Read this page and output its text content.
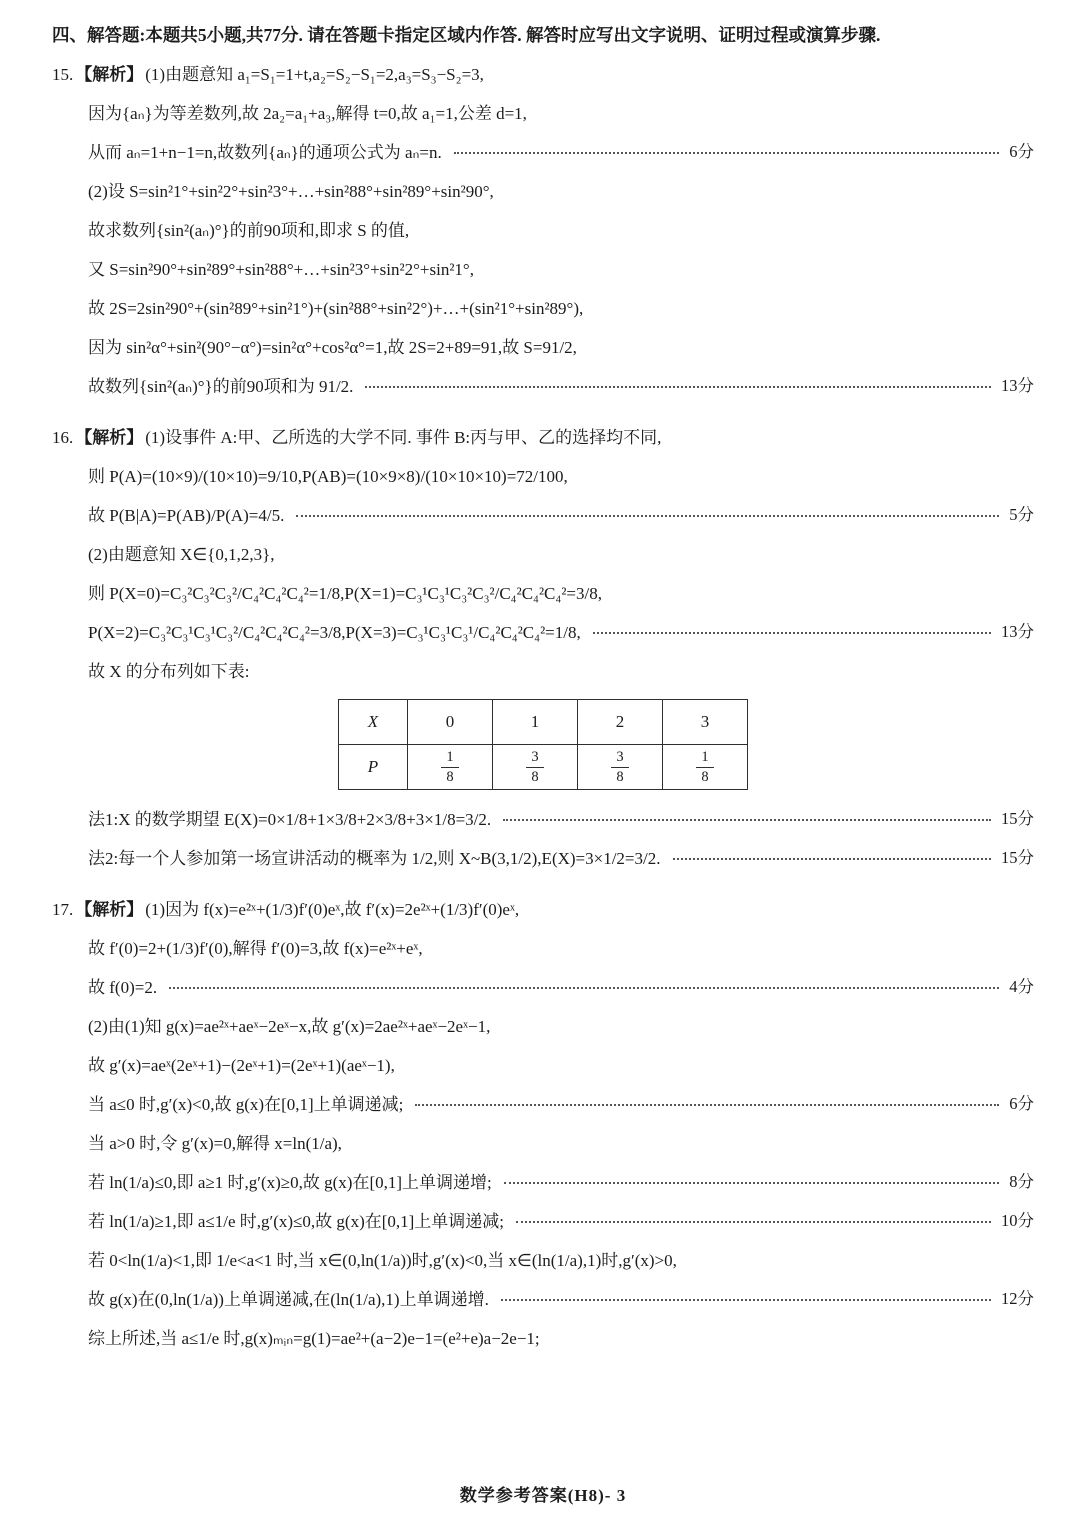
四、解答题:本题共5小题,共77分. 请在答题卡指定区域内作答. 解答时应写出文字说明、证明过程或演算步骤.
15. 【解析】 (1)由题意知 a₁=S₁=1+t,a₂=S₂−S₁=2,a₃=S₃−S₂=3,
因为{aₙ}为等差数列,故 2a₂=a₁+a₃,解得 t=0,故 a₁=1,公差 d=1,
从而 aₙ=1+n−1=n,故数列{aₙ}的通项公式为 aₙ=n.	6分
(2)设 S=sin²1°+sin²2°+sin²3°+…+sin²88°+sin²89°+sin²90°,
故求数列{sin²(aₙ)°}的前90项和,即求 S 的值,
又 S=sin²90°+sin²89°+sin²88°+…+sin²3°+sin²2°+sin²1°,
故 2S=2sin²90°+(sin²89°+sin²1°)+(sin²88°+sin²2°)+…+(sin²1°+sin²89°),
因为 sin²α°+sin²(90°−α°)=sin²α°+cos²α°=1,故 2S=2+89=91,故 S=91/2,
故数列{sin²(aₙ)°}的前90项和为 91/2.	13分
16. 【解析】 (1)设事件 A:甲、乙所选的大学不同. 事件 B:丙与甲、乙的选择均不同,
则 P(A)=(10×9)/(10×10)=9/10,P(AB)=(10×9×8)/(10×10×10)=72/100,
故 P(B|A)=P(AB)/P(A)=4/5.	5分
(2)由题意知 X∈{0,1,2,3},
则 P(X=0)=C₃²C₃²C₃²/C₄²C₄²C₄²=1/8,P(X=1)=C₃¹C₃¹C₃²C₃²/C₄²C₄²C₄²=3/8,
P(X=2)=C₃²C₃¹C₃¹C₃²/C₄²C₄²C₄²=3/8,P(X=3)=C₃¹C₃¹C₃¹/C₄²C₄²C₄²=1/8,	13分
故 X 的分布列如下表:
X	0	1	2	3
P	$\frac{1}{8}$	$\frac{3}{8}$	$\frac{3}{8}$	$\frac{1}{8}$
法1:X 的数学期望 E(X)=0×1/8+1×3/8+2×3/8+3×1/8=3/2.	15分
法2:每一个人参加第一场宣讲活动的概率为 1/2,则 X~B(3,1/2),E(X)=3×1/2=3/2.	15分
17. 【解析】 (1)因为 f(x)=e²ˣ+(1/3)f′(0)eˣ,故 f′(x)=2e²ˣ+(1/3)f′(0)eˣ,
故 f′(0)=2+(1/3)f′(0),解得 f′(0)=3,故 f(x)=e²ˣ+eˣ,
故 f(0)=2.	4分
(2)由(1)知 g(x)=ae²ˣ+aeˣ−2eˣ−x,故 g′(x)=2ae²ˣ+aeˣ−2eˣ−1,
故 g′(x)=aeˣ(2eˣ+1)−(2eˣ+1)=(2eˣ+1)(aeˣ−1),
当 a≤0 时,g′(x)<0,故 g(x)在[0,1]上单调递减;	6分
当 a>0 时,令 g′(x)=0,解得 x=ln(1/a),
若 ln(1/a)≤0,即 a≥1 时,g′(x)≥0,故 g(x)在[0,1]上单调递增;	8分
若 ln(1/a)≥1,即 a≤1/e 时,g′(x)≤0,故 g(x)在[0,1]上单调递减;	10分
若 0<ln(1/a)<1,即 1/e<a<1 时,当 x∈(0,ln(1/a))时,g′(x)<0,当 x∈(ln(1/a),1)时,g′(x)>0,
故 g(x)在(0,ln(1/a))上单调递减,在(ln(1/a),1)上单调递增.	12分
综上所述,当 a≤1/e 时,g(x)ₘᵢₙ=g(1)=ae²+(a−2)e−1=(e²+e)a−2e−1;
数学参考答案(H8)- 3
